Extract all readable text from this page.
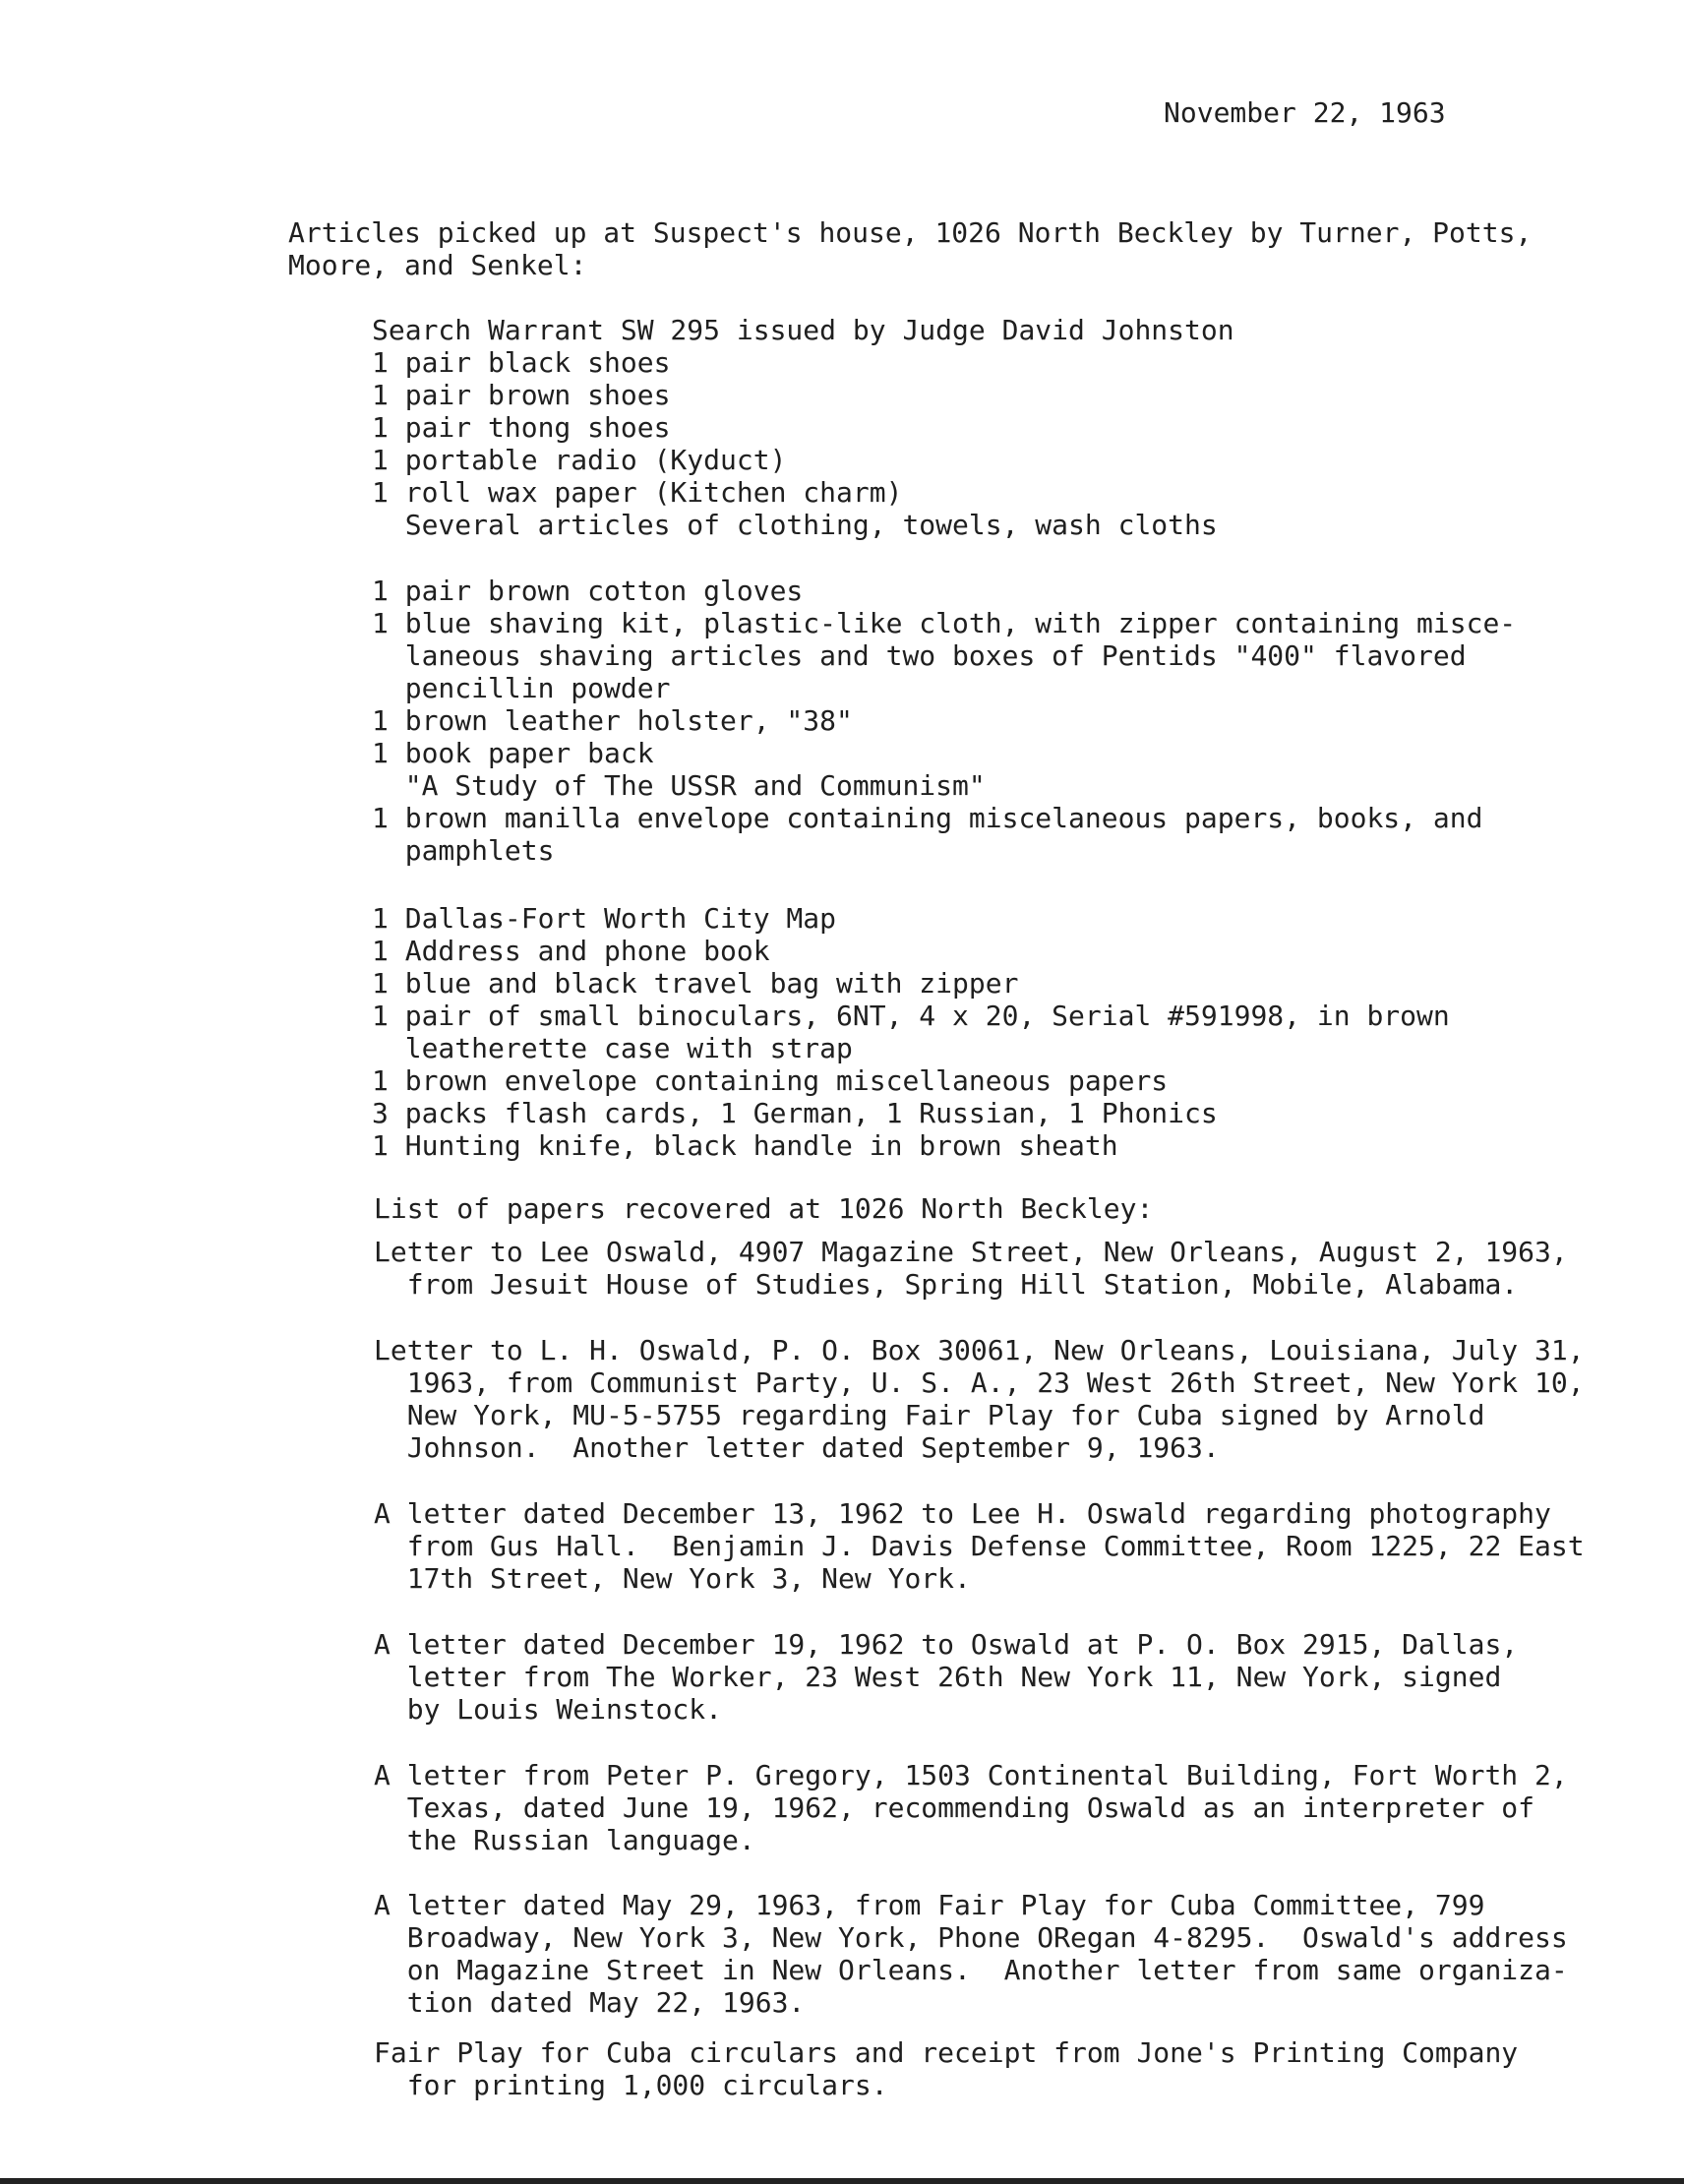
November 22, 1963
Articles picked up at Suspect's house, 1026 North Beckley by Turner, Potts,
Moore, and Senkel:
Search Warrant SW 295 issued by Judge David Johnston
1 pair black shoes
1 pair brown shoes
1 pair thong shoes
1 portable radio (Kyduct)
1 roll wax paper (Kitchen charm)
Several articles of clothing, towels, wash cloths
1 pair brown cotton gloves
1 blue shaving kit, plastic-like cloth, with zipper containing misce-
laneous shaving articles and two boxes of Pentids "400" flavored
pencillin powder
1 brown leather holster, "38"
1 book paper back
"A Study of The USSR and Communism"
1 brown manilla envelope containing miscelaneous papers, books, and
pamphlets
1 Dallas-Fort Worth City Map
1 Address and phone book
1 blue and black travel bag with zipper
1 pair of small binoculars, 6NT, 4 x 20, Serial #591998, in brown
leatherette case with strap
1 brown envelope containing miscellaneous papers
3 packs flash cards, 1 German, 1 Russian, 1 Phonics
1 Hunting knife, black handle in brown sheath
List of papers recovered at 1026 North Beckley:
Letter to Lee Oswald, 4907 Magazine Street, New Orleans, August 2, 1963,
from Jesuit House of Studies, Spring Hill Station, Mobile, Alabama.
Letter to L. H. Oswald, P. O. Box 30061, New Orleans, Louisiana, July 31,
1963, from Communist Party, U. S. A., 23 West 26th Street, New York 10,
New York, MU-5-5755 regarding Fair Play for Cuba signed by Arnold
Johnson.  Another letter dated September 9, 1963.
A letter dated December 13, 1962 to Lee H. Oswald regarding photography
from Gus Hall.  Benjamin J. Davis Defense Committee, Room 1225, 22 East
17th Street, New York 3, New York.
A letter dated December 19, 1962 to Oswald at P. O. Box 2915, Dallas,
letter from The Worker, 23 West 26th New York 11, New York, signed
by Louis Weinstock.
A letter from Peter P. Gregory, 1503 Continental Building, Fort Worth 2,
Texas, dated June 19, 1962, recommending Oswald as an interpreter of
the Russian language.
A letter dated May 29, 1963, from Fair Play for Cuba Committee, 799
Broadway, New York 3, New York, Phone ORegan 4-8295.  Oswald's address
on Magazine Street in New Orleans.  Another letter from same organiza-
tion dated May 22, 1963.
Fair Play for Cuba circulars and receipt from Jone's Printing Company
for printing 1,000 circulars.
